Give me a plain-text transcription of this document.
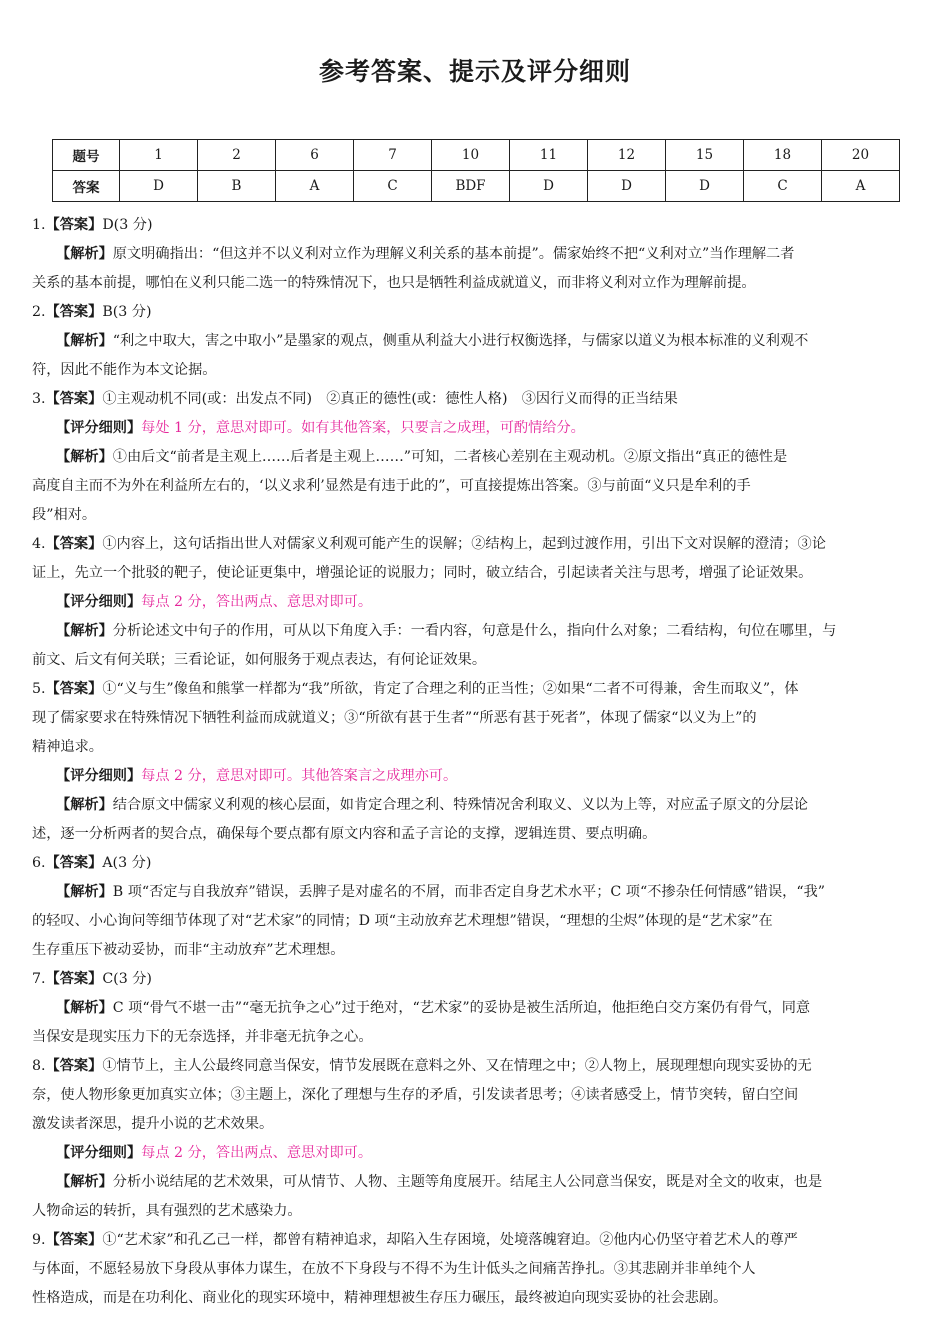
参考答案、提示及评分细则
题号	1	2	6	7	10	11	12	15	18	20
答案	D	B	A	C	BDF	D	D	D	C	A

1.【答案】D(3 分)

【解析】原文明确指出：“但这并不以义利对立作为理解义利关系的基本前提”。儒家始终不把“义利对立”当作理解二者

关系的基本前提，哪怕在义利只能二选一的特殊情况下，也只是牺牲利益成就道义，而非将义利对立作为理解前提。

2.【答案】B(3 分)

【解析】“利之中取大，害之中取小”是墨家的观点，侧重从利益大小进行权衡选择，与儒家以道义为根本标准的义利观不

符，因此不能作为本文论据。

3.【答案】①主观动机不同(或：出发点不同)　②真正的德性(或：德性人格)　③因行义而得的正当结果

【评分细则】每处 1 分，意思对即可。如有其他答案，只要言之成理，可酌情给分。

【解析】①由后文“前者是主观上……后者是主观上……”可知，二者核心差别在主观动机。②原文指出“真正的德性是

高度自主而不为外在利益所左右的，‘以义求利’显然是有违于此的”，可直接提炼出答案。③与前面“义只是牟利的手

段”相对。

4.【答案】①内容上，这句话指出世人对儒家义利观可能产生的误解；②结构上，起到过渡作用，引出下文对误解的澄清；③论

证上，先立一个批驳的靶子，使论证更集中，增强论证的说服力；同时，破立结合，引起读者关注与思考，增强了论证效果。

【评分细则】每点 2 分，答出两点、意思对即可。

【解析】分析论述文中句子的作用，可从以下角度入手：一看内容，句意是什么，指向什么对象；二看结构，句位在哪里，与

前文、后文有何关联；三看论证，如何服务于观点表达，有何论证效果。

5.【答案】①“义与生”像鱼和熊掌一样都为“我”所欲，肯定了合理之利的正当性；②如果“二者不可得兼，舍生而取义”，体

现了儒家要求在特殊情况下牺牲利益而成就道义；③“所欲有甚于生者”“所恶有甚于死者”，体现了儒家“以义为上”的

精神追求。

【评分细则】每点 2 分，意思对即可。其他答案言之成理亦可。

【解析】结合原文中儒家义利观的核心层面，如肯定合理之利、特殊情况舍利取义、义以为上等，对应孟子原文的分层论

述，逐一分析两者的契合点，确保每个要点都有原文内容和孟子言论的支撑，逻辑连贯、要点明确。

6.【答案】A(3 分)

【解析】B 项“否定与自我放弃”错误，丢脾子是对虚名的不屑，而非否定自身艺术水平；C 项“不掺杂任何情感”错误，“我”

的轻叹、小心询问等细节体现了对“艺术家”的同情；D 项“主动放弃艺术理想”错误，“理想的尘烬”体现的是“艺术家”在

生存重压下被动妥协，而非“主动放弃”艺术理想。

7.【答案】C(3 分)

【解析】C 项“骨气不堪一击”“毫无抗争之心”过于绝对，“艺术家”的妥协是被生活所迫，他拒绝白交方案仍有骨气，同意

当保安是现实压力下的无奈选择，并非毫无抗争之心。

8.【答案】①情节上，主人公最终同意当保安，情节发展既在意料之外、又在情理之中；②人物上，展现理想向现实妥协的无

奈，使人物形象更加真实立体；③主题上，深化了理想与生存的矛盾，引发读者思考；④读者感受上，情节突转，留白空间

激发读者深思，提升小说的艺术效果。

【评分细则】每点 2 分，答出两点、意思对即可。

【解析】分析小说结尾的艺术效果，可从情节、人物、主题等角度展开。结尾主人公同意当保安，既是对全文的收束，也是

人物命运的转折，具有强烈的艺术感染力。

9.【答案】①“艺术家”和孔乙己一样，都曾有精神追求，却陷入生存困境，处境落魄窘迫。②他内心仍坚守着艺术人的尊严

与体面，不愿轻易放下身段从事体力谋生，在放不下身段与不得不为生计低头之间痛苦挣扎。③其悲剧并非单纯个人

性格造成，而是在功利化、商业化的现实环境中，精神理想被生存压力碾压，最终被迫向现实妥协的社会悲剧。
